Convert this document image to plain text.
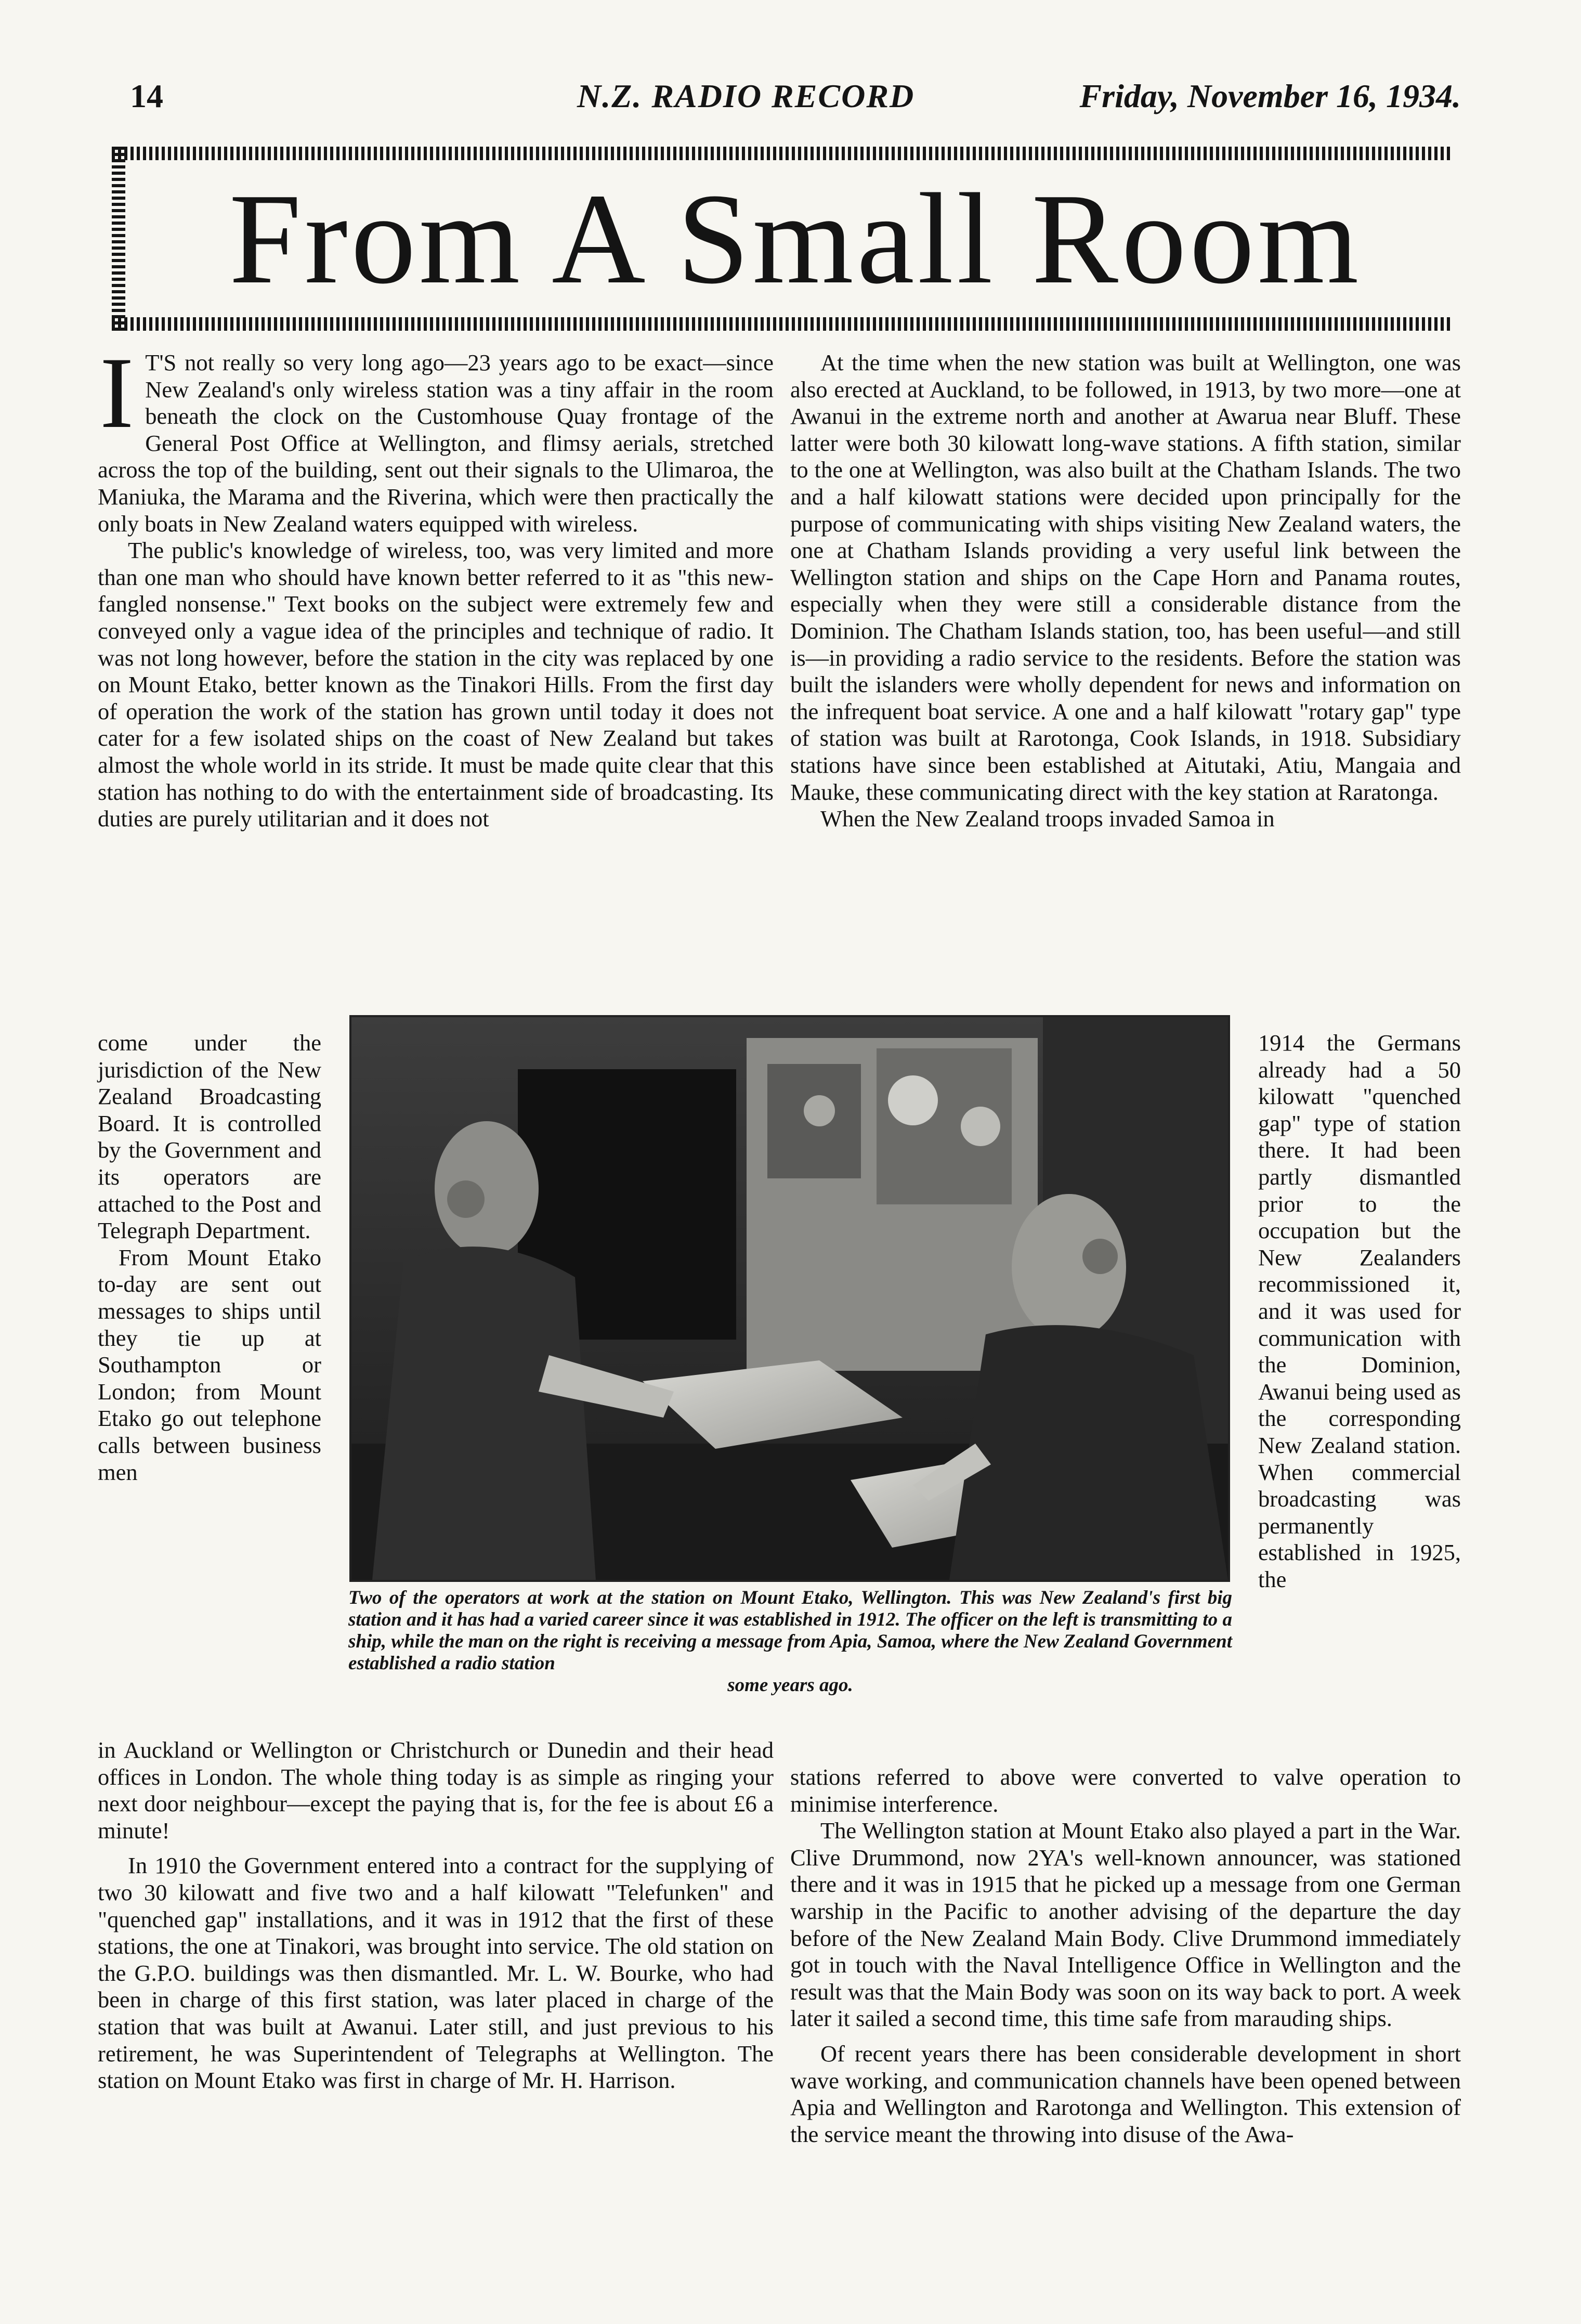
14	N.Z. RADIO RECORD	Friday, November 16, 1934.
From A Small Room

I T'S not really so very long ago—23 years ago to be exact—since New Zealand's only wireless station was a tiny affair in the room beneath the clock on the Customhouse Quay frontage of the General Post Office at Wellington, and flimsy aerials, stretched across the top of the building, sent out their signals to the Ulimaroa, the Maniuka, the Marama and the Riverina, which were then practically the only boats in New Zealand waters equipped with wireless.

The public's knowledge of wireless, too, was very limited and more than one man who should have known better referred to it as "this new-fangled nonsense." Text books on the subject were extremely few and conveyed only a vague idea of the principles and technique of radio. It was not long however, before the station in the city was replaced by one on Mount Etako, better known as the Tinakori Hills. From the first day of operation the work of the station has grown until today it does not cater for a few isolated ships on the coast of New Zealand but takes almost the whole world in its stride. It must be made quite clear that this station has nothing to do with the entertainment side of broadcasting. Its duties are purely utilitarian and it does not

At the time when the new station was built at Wellington, one was also erected at Auckland, to be followed, in 1913, by two more—one at Awanui in the extreme north and another at Awarua near Bluff. These latter were both 30 kilowatt long-wave stations. A fifth station, similar to the one at Wellington, was also built at the Chatham Islands. The two and a half kilowatt stations were decided upon principally for the purpose of communicating with ships visiting New Zealand waters, the one at Chatham Islands providing a very useful link between the Wellington station and ships on the Cape Horn and Panama routes, especially when they were still a considerable distance from the Dominion. The Chatham Islands station, too, has been useful—and still is—in providing a radio service to the residents. Before the station was built the islanders were wholly dependent for news and information on the infrequent boat service. A one and a half kilowatt "rotary gap" type of station was built at Rarotonga, Cook Islands, in 1918. Subsidiary stations have since been established at Aitutaki, Atiu, Mangaia and Mauke, these communicating direct with the key station at Raratonga.

When the New Zealand troops invaded Samoa in

come under the jurisdiction of the New Zealand Broadcasting Board. It is controlled by the Government and its operators are attached to the Post and Telegraph Department.

From Mount Etako to-day are sent out messages to ships until they tie up at Southampton or London; from Mount Etako go out telephone calls between business men

1914 the Germans already had a 50 kilowatt "quenched gap" type of station there. It had been partly dismantled prior to the occupation but the New Zealanders recommissioned it, and it was used for communication with the Dominion, Awanui being used as the corresponding New Zealand station. When commercial broadcasting was permanently established in 1925, the

Two of the operators at work at the station on Mount Etako, Wellington. This was New Zealand's first big station and it has had a varied career since it was established in 1912. The officer on the left is transmitting to a ship, while the man on the right is receiving a message from Apia, Samoa, where the New Zealand Government established a radio station
some years ago.

in Auckland or Wellington or Christchurch or Dunedin and their head offices in London. The whole thing today is as simple as ringing your next door neighbour—except the paying that is, for the fee is about £6 a minute!

In 1910 the Government entered into a contract for the supplying of two 30 kilowatt and five two and a half kilowatt "Telefunken" and "quenched gap" installations, and it was in 1912 that the first of these stations, the one at Tinakori, was brought into service. The old station on the G.P.O. buildings was then dismantled. Mr. L. W. Bourke, who had been in charge of this first station, was later placed in charge of the station that was built at Awanui. Later still, and just previous to his retirement, he was Superintendent of Telegraphs at Wellington. The station on Mount Etako was first in charge of Mr. H. Harrison.

stations referred to above were converted to valve operation to minimise interference.

The Wellington station at Mount Etako also played a part in the War. Clive Drummond, now 2YA's well-known announcer, was stationed there and it was in 1915 that he picked up a message from one German warship in the Pacific to another advising of the departure the day before of the New Zealand Main Body. Clive Drummond immediately got in touch with the Naval Intelligence Office in Wellington and the result was that the Main Body was soon on its way back to port. A week later it sailed a second time, this time safe from marauding ships.

Of recent years there has been considerable development in short wave working, and communication channels have been opened between Apia and Wellington and Rarotonga and Wellington. This extension of the service meant the throwing into disuse of the Awa-
